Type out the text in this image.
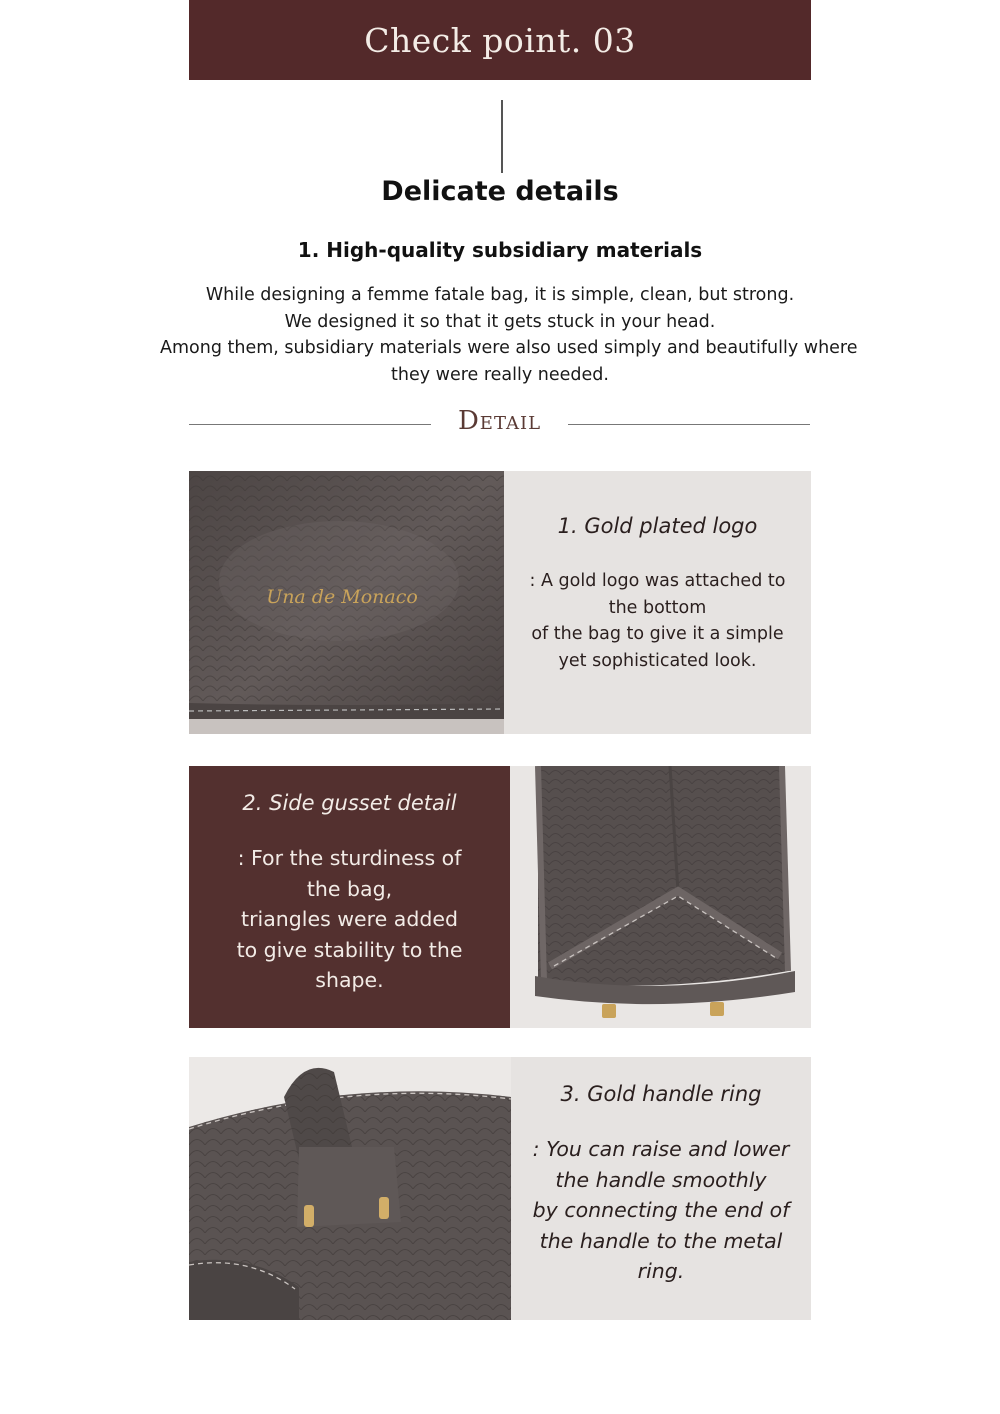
Check point. 03
Delicate details
1. High-quality subsidiary materials
While designing a femme fatale bag, it is simple, clean, but strong.
We designed it so that it gets stuck in your head.
Among them, subsidiary materials were also used simply and beautifully where
they were really needed.
Detail
Una de Monaco
1. Gold plated logo
: A gold logo was attached to
the bottom
of the bag to give it a simple
yet sophisticated look.
2. Side gusset detail
: For the sturdiness of
the bag,
triangles were added
to give stability to the
shape.
3. Gold handle ring
: You can raise and lower
the handle smoothly
by connecting the end of
the handle to the metal
ring.
